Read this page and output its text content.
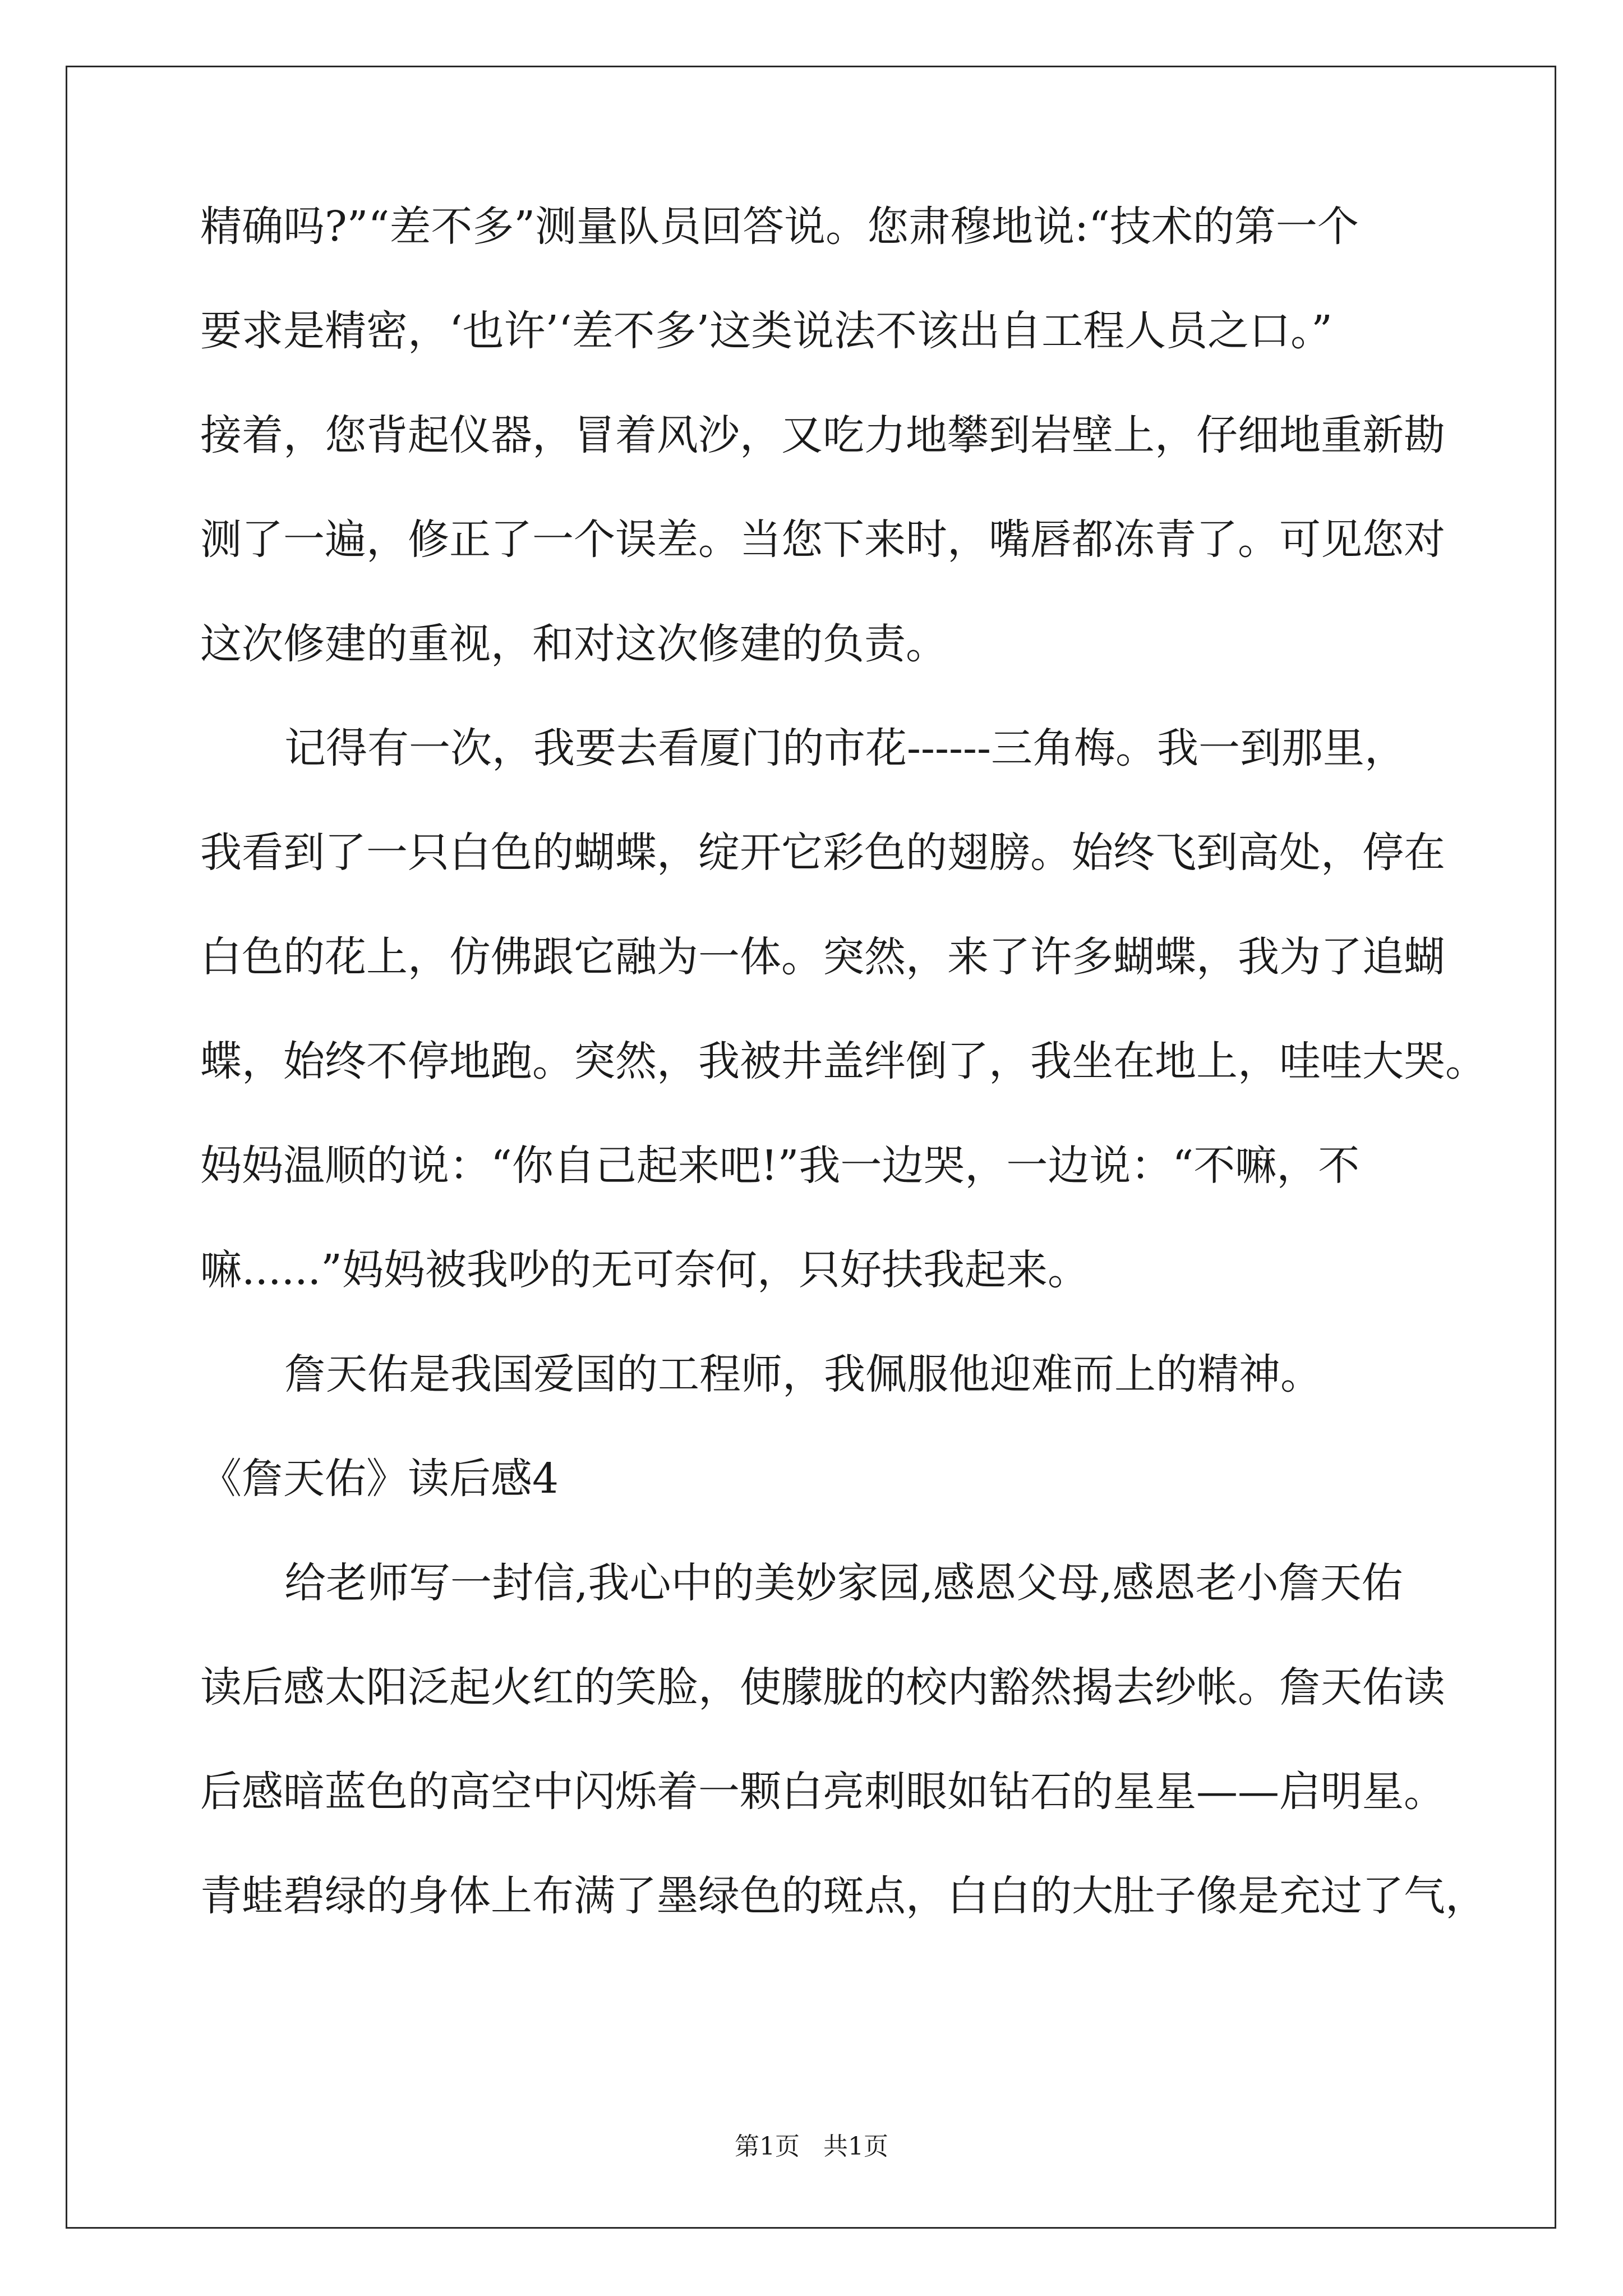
精确吗?”“差不多”测量队员回答说。您肃穆地说:“技术的第一个
要求是精密，‘也许’‘差不多’这类说法不该出自工程人员之口。”
接着，您背起仪器，冒着风沙，又吃力地攀到岩壁上，仔细地重新勘
测了一遍，修正了一个误差。当您下来时，嘴唇都冻青了。可见您对
这次修建的重视，和对这次修建的负责。
记得有一次，我要去看厦门的市花------三角梅。我一到那里，
我看到了一只白色的蝴蝶，绽开它彩色的翅膀。始终飞到高处，停在
白色的花上，仿佛跟它融为一体。突然，来了许多蝴蝶，我为了追蝴
蝶，始终不停地跑。突然，我被井盖绊倒了，我坐在地上，哇哇大哭。
妈妈温顺的说：“你自己起来吧!”我一边哭，一边说：“不嘛，不
嘛......”妈妈被我吵的无可奈何，只好扶我起来。
詹天佑是我国爱国的工程师，我佩服他迎难而上的精神。
《詹天佑》读后感4
给老师写一封信,我心中的美妙家园,感恩父母,感恩老小詹天佑
读后感太阳泛起火红的笑脸，使朦胧的校内豁然揭去纱帐。詹天佑读
后感暗蓝色的高空中闪烁着一颗白亮刺眼如钻石的星星——启明星。
青蛙碧绿的身体上布满了墨绿色的斑点，白白的大肚子像是充过了气，
第1页   共1页
